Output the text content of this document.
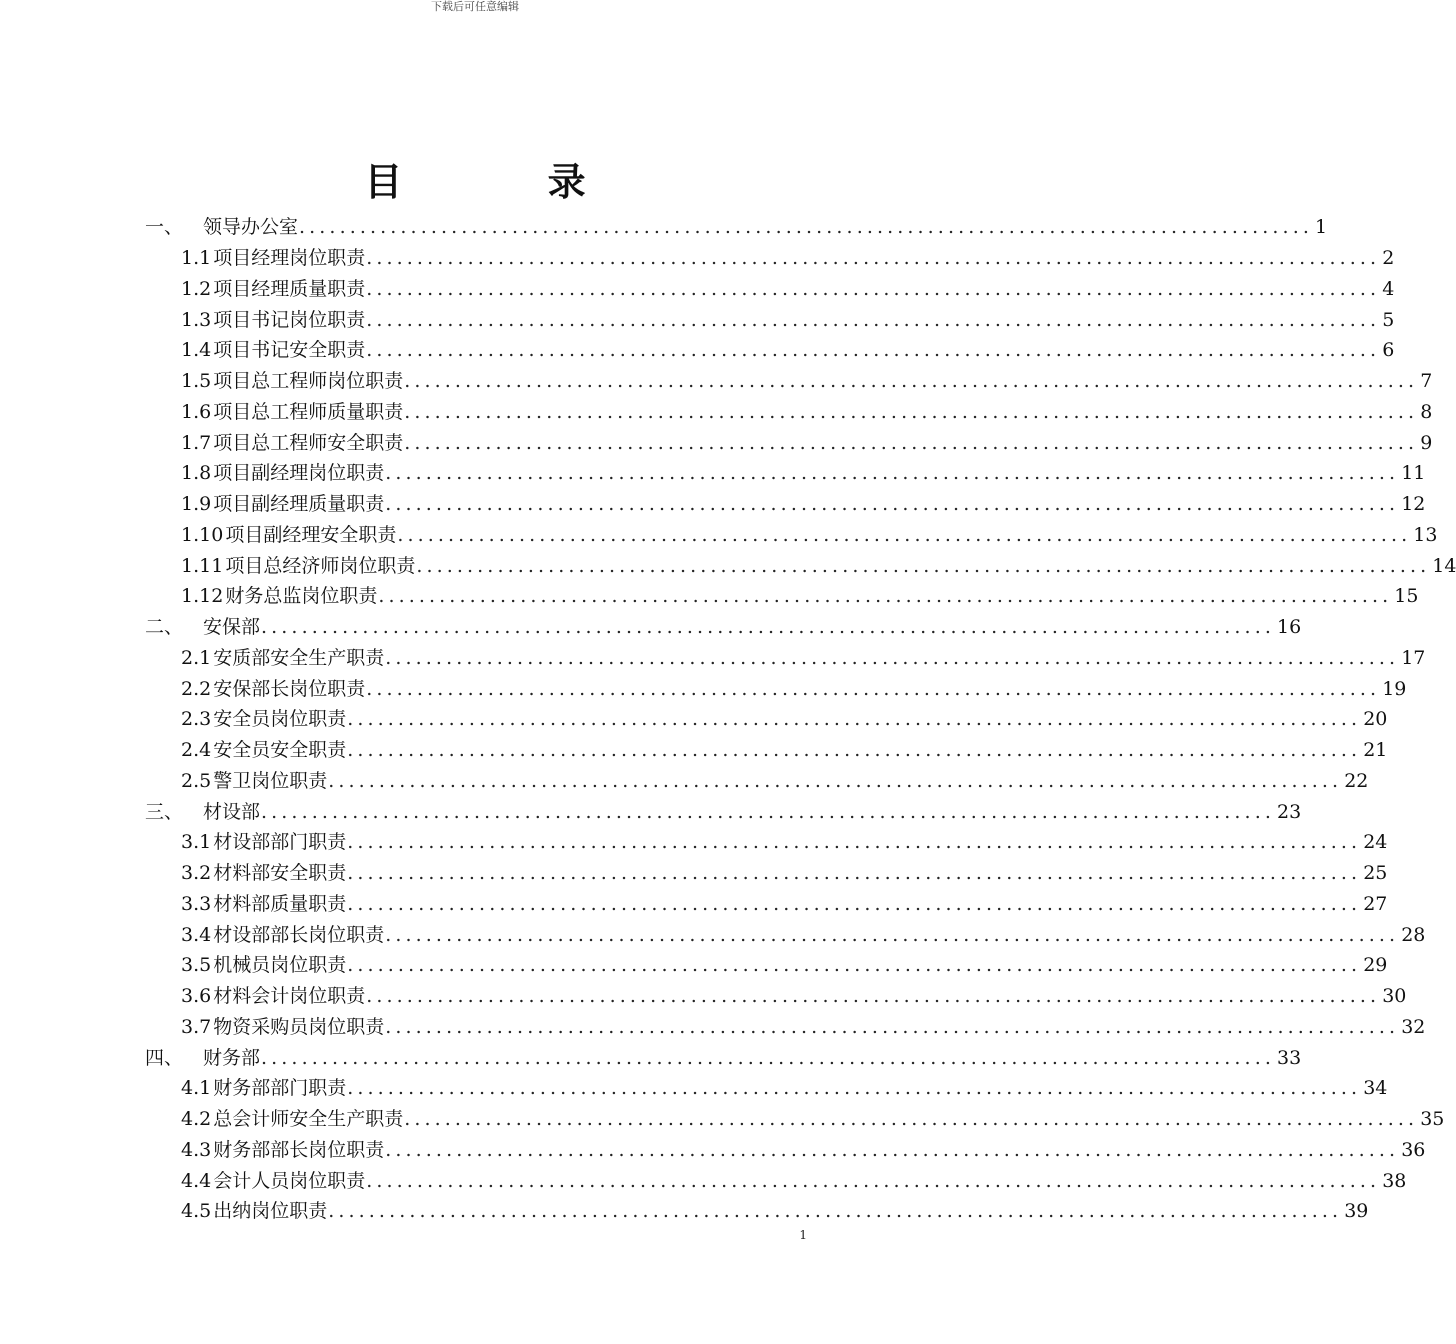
下载后可任意编辑
目 录
一、	领导办公室 .................................................................................................... 1
1.1 项目经理岗位职责 .................................................................................................... 2
1.2 项目经理质量职责 .................................................................................................... 4
1.3 项目书记岗位职责 .................................................................................................... 5
1.4 项目书记安全职责 .................................................................................................... 6
1.5 项目总工程师岗位职责 .................................................................................................... 7
1.6 项目总工程师质量职责 .................................................................................................... 8
1.7 项目总工程师安全职责 .................................................................................................... 9
1.8 项目副经理岗位职责 .................................................................................................... 11
1.9 项目副经理质量职责 .................................................................................................... 12
1.10 项目副经理安全职责 .................................................................................................... 13
1.11 项目总经济师岗位职责 .................................................................................................... 14
1.12 财务总监岗位职责 .................................................................................................... 15
二、	安保部 .................................................................................................... 16
2.1 安质部安全生产职责 .................................................................................................... 17
2.2 安保部长岗位职责 .................................................................................................... 19
2.3 安全员岗位职责 .................................................................................................... 20
2.4 安全员安全职责 .................................................................................................... 21
2.5 警卫岗位职责 .................................................................................................... 22
三、	材设部 .................................................................................................... 23
3.1 材设部部门职责 .................................................................................................... 24
3.2 材料部安全职责 .................................................................................................... 25
3.3 材料部质量职责 .................................................................................................... 27
3.4 材设部部长岗位职责 .................................................................................................... 28
3.5 机械员岗位职责 .................................................................................................... 29
3.6 材料会计岗位职责 .................................................................................................... 30
3.7 物资采购员岗位职责 .................................................................................................... 32
四、	财务部 .................................................................................................... 33
4.1 财务部部门职责 .................................................................................................... 34
4.2 总会计师安全生产职责 .................................................................................................... 35
4.3 财务部部长岗位职责 .................................................................................................... 36
4.4 会计人员岗位职责 .................................................................................................... 38
4.5 出纳岗位职责 .................................................................................................... 39
1
